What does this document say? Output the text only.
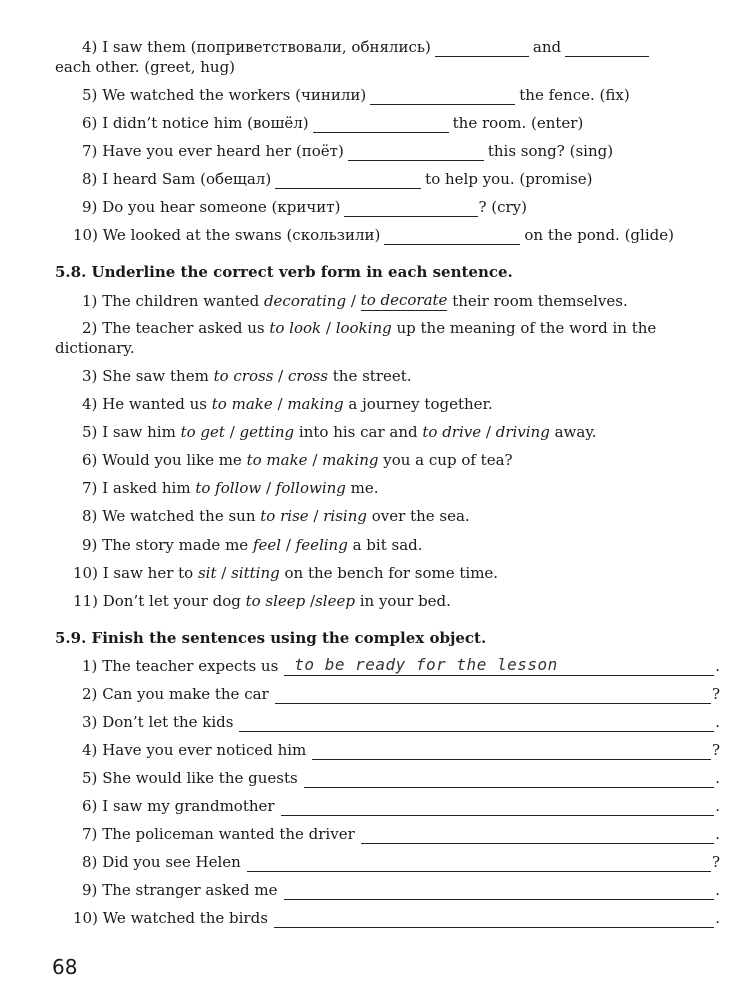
4)
I saw them (поприветствовали, обнялись)	and
each other. (greet, hug)
5)
We watched the workers (чинили)	the fence. (fix)
6)
I didn’t notice him (вошёл)	the room. (enter)
7)
Have you ever heard her (поёт)	this song? (sing)
8)
I heard Sam (обещал)	to help you. (promise)
9)
Do you hear someone (кричит)	? (cry)
10)
We looked at the swans (скользили)	on the pond. (glide)
5.8. Underline the correct verb form in each sentence.
1)
The children wanted decorating / to decorate their room themselves.
2)
The teacher asked us to look / looking up the meaning of the word in the
dictionary.
3)
She saw them to cross / cross the street.
4)
He wanted us to make / making a journey together.
5)
I saw him to get / getting into his car and to drive / driving away.
6)
Would you like me to make / making you a cup of tea?
7)
I asked him to follow / following me.
8)
We watched the sun to rise / rising over the sea.
9)
The story made me feel / feeling a bit sad.
10)
I saw her to sit / sitting on the bench for some time.
11)
Don’t let your dog to sleep / sleep in your bed.
5.9. Finish the sentences using the complex object.
1)
The teacher expects us to be ready for the lesson	.
2)
Can you make the car	?
3)
Don’t let the kids	.
4)
Have you ever noticed him	?
5)
She would like the guests	.
6)
I saw my grandmother	.
7)
The policeman wanted the driver	.
8)
Did you see Helen	?
9)
The stranger asked me	.
10)
We watched the birds	.
68
